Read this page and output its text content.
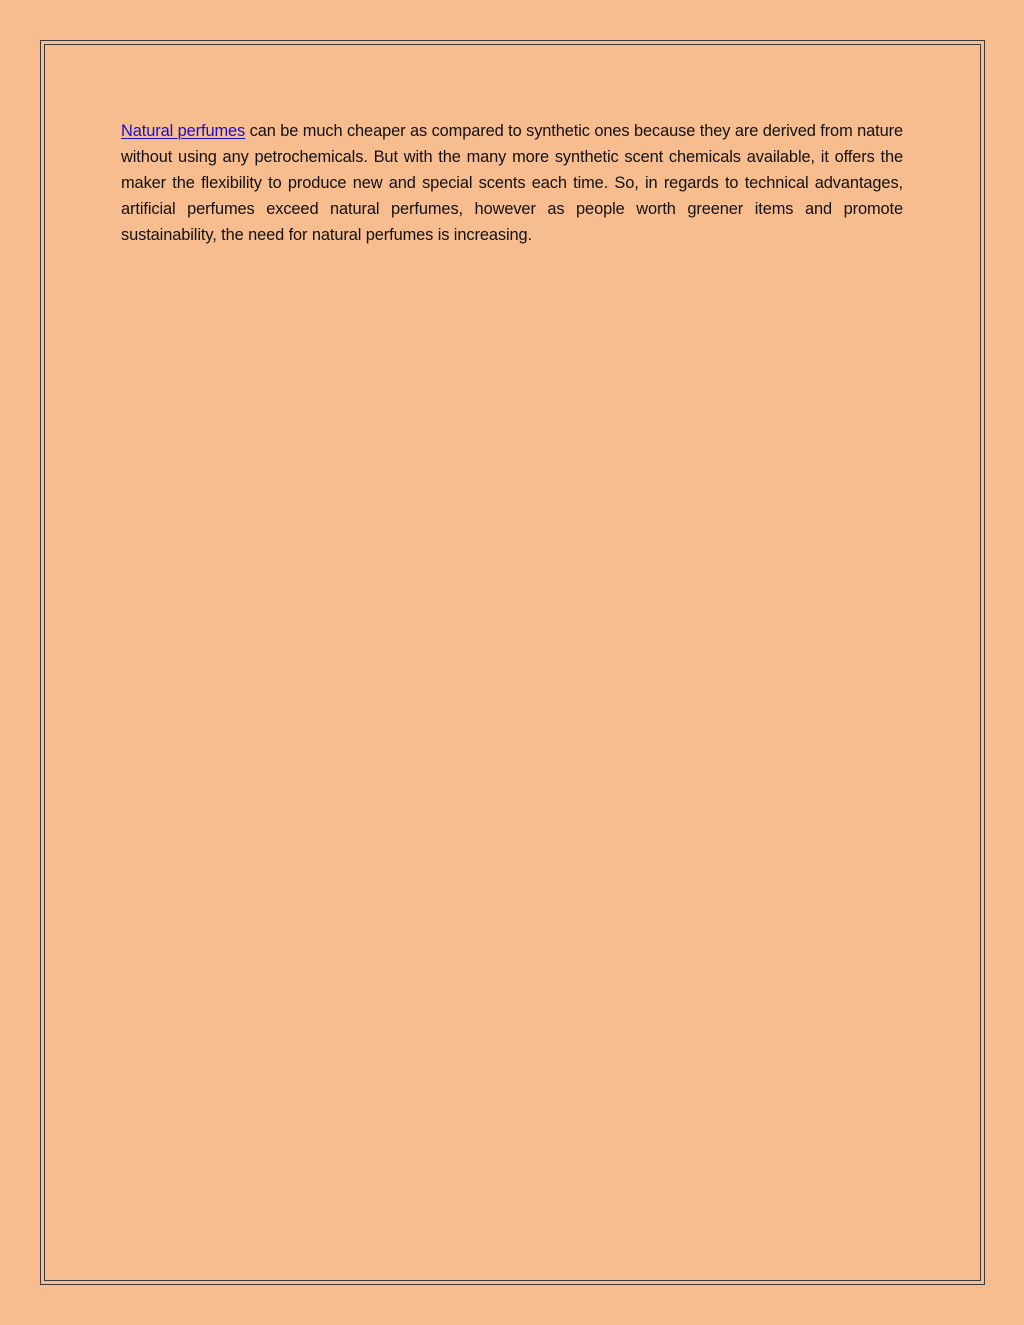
Natural perfumes can be much cheaper as compared to synthetic ones because they are derived from nature without using any petrochemicals. But with the many more synthetic scent chemicals available, it offers the maker the flexibility to produce new and special scents each time. So, in regards to technical advantages, artificial perfumes exceed natural perfumes, however as people worth greener items and promote sustainability, the need for natural perfumes is increasing.
